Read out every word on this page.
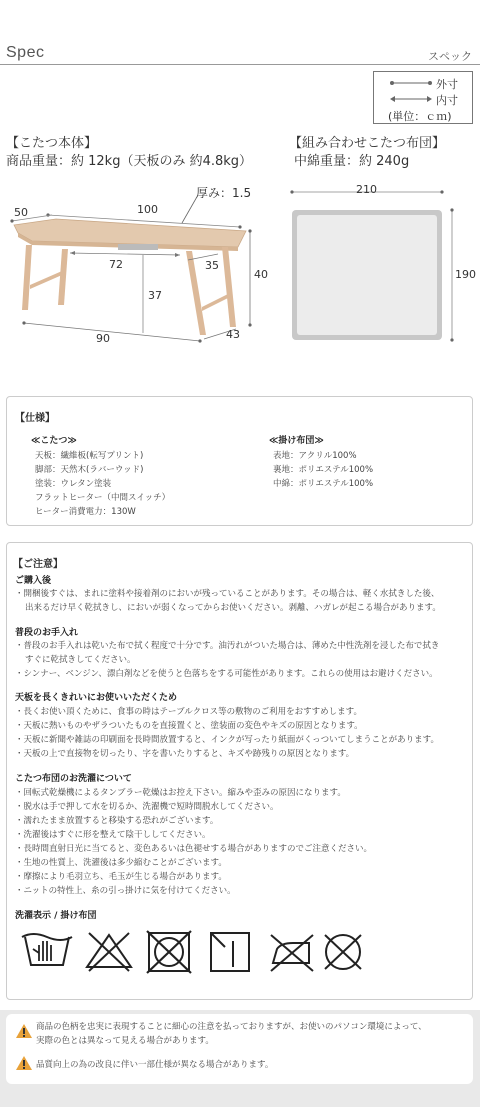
Spec	スペック
外寸
内寸
(単位：ｃｍ)
【こたつ本体】
商品重量：約 12kg（天板のみ 約4.8kg）
【組み合わせこたつ布団】
中綿重量：約 240g
厚み：1.5
50	100
72	35
40
37
90	43
210
190
【仕様】
≪こたつ≫
天板：繊維板(転写プリント)
脚部：天然木(ラバーウッド)
塗装：ウレタン塗装
フラットヒーター（中間スイッチ）
ヒーター消費電力：130W
≪掛け布団≫
表地：アクリル100%
裏地：ポリエステル100%
中綿：ポリエステル100%
【ご注意】
ご購入後
・開梱後すぐは、まれに塗料や接着剤のにおいが残っていることがあります。その場合は、軽く水拭きした後、
出来るだけ早く乾拭きし、においが弱くなってからお使いください。剥離、ハガレが起こる場合があります。
普段のお手入れ
・普段のお手入れは乾いた布で拭く程度で十分です。油汚れがついた場合は、薄めた中性洗剤を浸した布で拭き
すぐに乾拭きしてください。
・シンナー、ベンジン、漂白剤などを使うと色落ちをする可能性があります。これらの使用はお避けください。
天板を長くきれいにお使いいただくため
・長くお使い頂くために、食事の時はテーブルクロス等の敷物のご利用をおすすめします。
・天板に熱いものやザラついたものを直接置くと、塗装面の変色やキズの原因となります。
・天板に新聞や雑誌の印刷面を長時間放置すると、インクが写ったり紙面がくっついてしまうことがあります。
・天板の上で直接物を切ったり、字を書いたりすると、キズや跡残りの原因となります。
こたつ布団のお洗濯について
・回転式乾燥機によるタンブラー乾燥はお控え下さい。縮みや歪みの原因になります。
・脱水は手で押して水を切るか、洗濯機で短時間脱水してください。
・濡れたまま放置すると移染する恐れがございます。
・洗濯後はすぐに形を整えて陰干ししてください。
・長時間直射日光に当てると、変色あるいは色褪せする場合がありますのでご注意ください。
・生地の性質上、洗濯後は多少縮むことがございます。
・摩擦により毛羽立ち、毛玉が生じる場合があります。
・ニットの特性上、糸の引っ掛けに気を付けてください。
洗濯表示 / 掛け布団
商品の色柄を忠実に表現することに細心の注意を払っておりますが、お使いのパソコン環境によって、
実際の色とは異なって見える場合があります。
品質向上の為の改良に伴い一部仕様が異なる場合があります。
